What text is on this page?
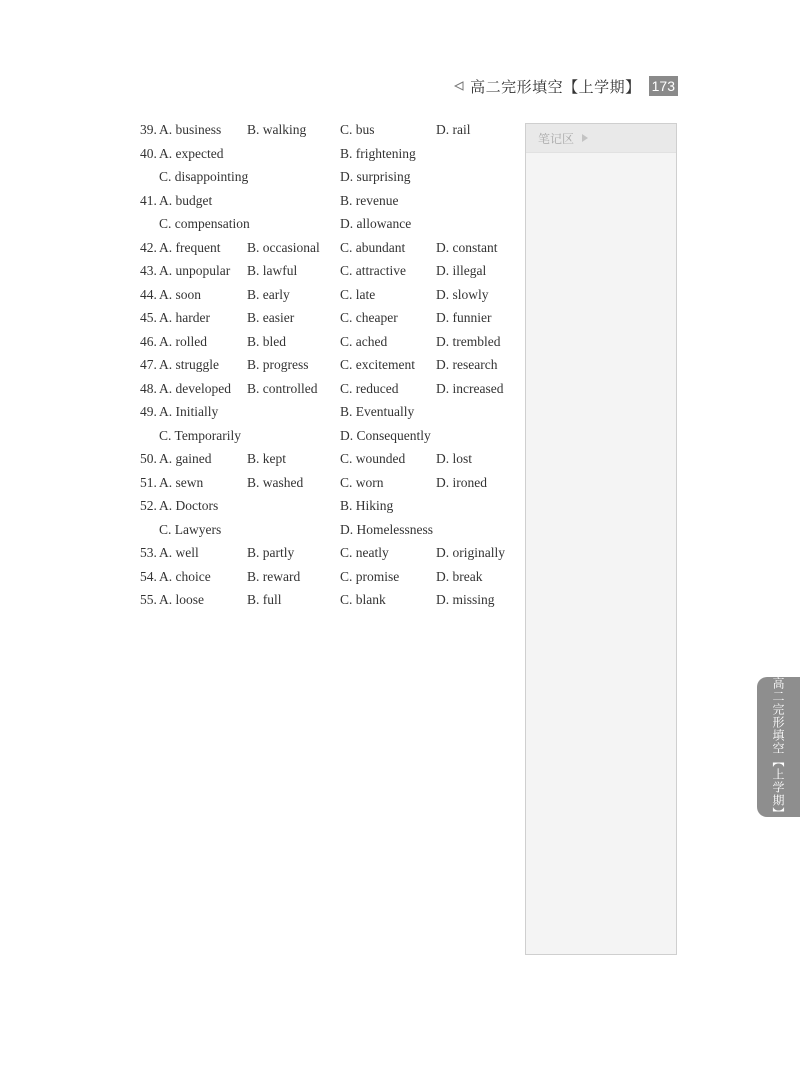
高二完形填空【上学期】 173
39. A. business B. walking	C. bus	D. rail
40. A. expected	B. frightening
C. disappointing	D. surprising
41. A. budget	B. revenue
C. compensation	D. allowance
42. A. frequent B. occasional C. abundant D. constant
43. A. unpopular B. lawful	C. attractive D. illegal
44. A. soon	B. early	C. late	D. slowly
45. A. harder	B. easier	C. cheaper	D. funnier
46. A. rolled	B. bled	C. ached	D. trembled
47. A. struggle B. progress C. excitement D. research
48. A. developed B. controlled C. reduced	D. increased
49. A. Initially	B. Eventually
C. Temporarily	D. Consequently
50. A. gained	B. kept	C. wounded D. lost
51. A. sewn	B. washed	C. worn	D. ironed
52. A. Doctors	B. Hiking
C. Lawyers	D. Homelessness
53. A. well	B. partly	C. neatly	D. originally
54. A. choice	B. reward	C. promise	D. break
55. A. loose	B. full	C. blank	D. missing
笔记区
高二完形填空【上学期】
